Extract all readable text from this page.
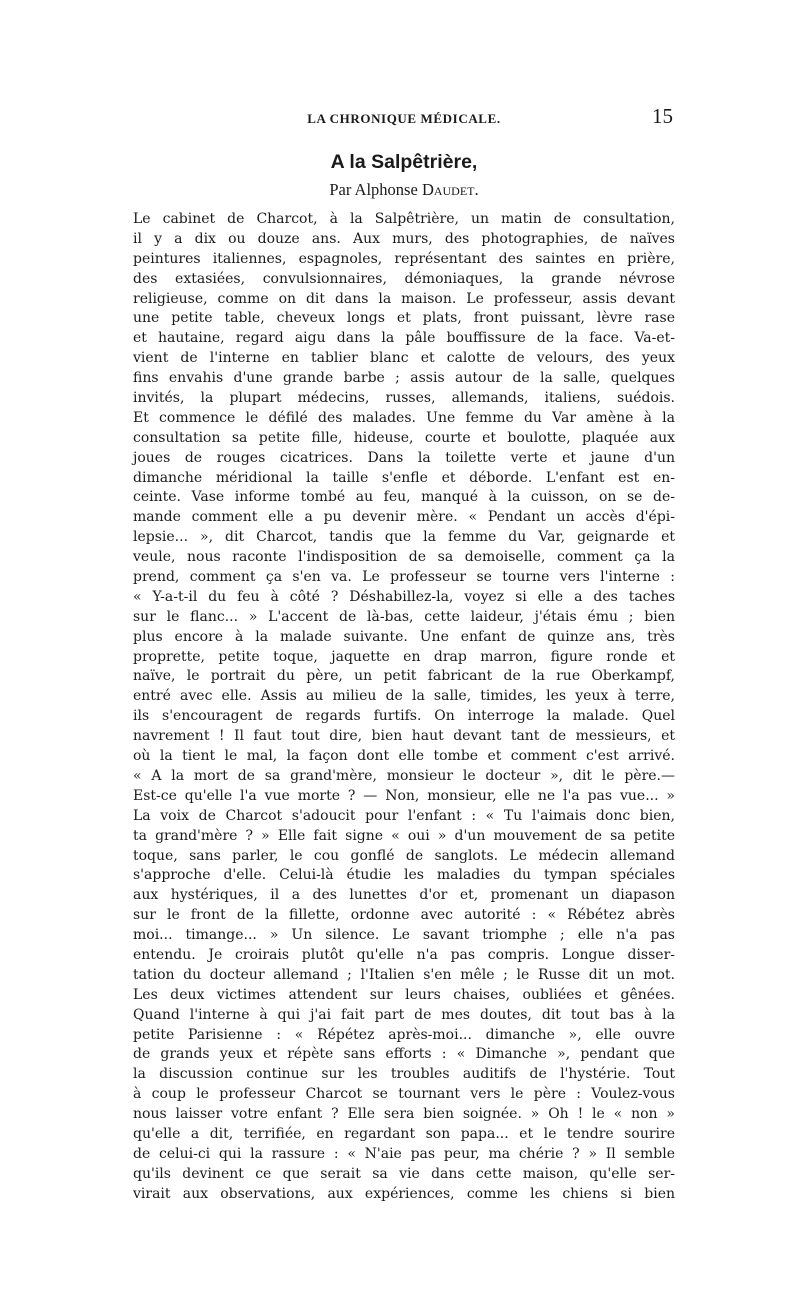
LA CHRONIQUE MÉDICALE.	15
A la Salpêtrière,
Par Alphonse Daudet.
Le cabinet de Charcot, à la Salpêtrière, un matin de consultation,
il y a dix ou douze ans. Aux murs, des photographies, de naïves
peintures italiennes, espagnoles, représentant des saintes en prière,
des extasiées, convulsionnaires, démoniaques, la grande névrose
religieuse, comme on dit dans la maison. Le professeur, assis devant
une petite table, cheveux longs et plats, front puissant, lèvre rase
et hautaine, regard aigu dans la pâle bouffissure de la face. Va-et-
vient de l'interne en tablier blanc et calotte de velours, des yeux
fins envahis d'une grande barbe ; assis autour de la salle, quelques
invités, la plupart médecins, russes, allemands, italiens, suédois.
Et commence le défilé des malades. Une femme du Var amène à la
consultation sa petite fille, hideuse, courte et boulotte, plaquée aux
joues de rouges cicatrices. Dans la toilette verte et jaune d'un
dimanche méridional la taille s'enfle et déborde. L'enfant est en-
ceinte. Vase informe tombé au feu, manqué à la cuisson, on se de-
mande comment elle a pu devenir mère. « Pendant un accès d'épi-
lepsie... », dit Charcot, tandis que la femme du Var, geignarde et
veule, nous raconte l'indisposition de sa demoiselle, comment ça la
prend, comment ça s'en va. Le professeur se tourne vers l'interne :
« Y-a-t-il du feu à côté ? Déshabillez-la, voyez si elle a des taches
sur le flanc... » L'accent de là-bas, cette laideur, j'étais ému ; bien
plus encore à la malade suivante. Une enfant de quinze ans, très
proprette, petite toque, jaquette en drap marron, figure ronde et
naïve, le portrait du père, un petit fabricant de la rue Oberkampf,
entré avec elle. Assis au milieu de la salle, timides, les yeux à terre,
ils s'encouragent de regards furtifs. On interroge la malade. Quel
navrement ! Il faut tout dire, bien haut devant tant de messieurs, et
où la tient le mal, la façon dont elle tombe et comment c'est arrivé.
« A la mort de sa grand'mère, monsieur le docteur », dit le père.—
Est-ce qu'elle l'a vue morte ? — Non, monsieur, elle ne l'a pas vue... »
La voix de Charcot s'adoucit pour l'enfant : « Tu l'aimais donc bien,
ta grand'mère ? » Elle fait signe « oui » d'un mouvement de sa petite
toque, sans parler, le cou gonflé de sanglots. Le médecin allemand
s'approche d'elle. Celui-là étudie les maladies du tympan spéciales
aux hystériques, il a des lunettes d'or et, promenant un diapason
sur le front de la fillette, ordonne avec autorité : « Rébétez abrès
moi... timange... » Un silence. Le savant triomphe ; elle n'a pas
entendu. Je croirais plutôt qu'elle n'a pas compris. Longue disser-
tation du docteur allemand ; l'Italien s'en mêle ; le Russe dit un mot.
Les deux victimes attendent sur leurs chaises, oubliées et gênées.
Quand l'interne à qui j'ai fait part de mes doutes, dit tout bas à la
petite Parisienne : « Répétez après-moi... dimanche », elle ouvre
de grands yeux et répète sans efforts : « Dimanche », pendant que
la discussion continue sur les troubles auditifs de l'hystérie. Tout
à coup le professeur Charcot se tournant vers le père : Voulez-vous
nous laisser votre enfant ? Elle sera bien soignée. » Oh ! le « non »
qu'elle a dit, terrifiée, en regardant son papa... et le tendre sourire
de celui-ci qui la rassure : « N'aie pas peur, ma chérie ? » Il semble
qu'ils devinent ce que serait sa vie dans cette maison, qu'elle ser-
virait aux observations, aux expériences, comme les chiens si bien
